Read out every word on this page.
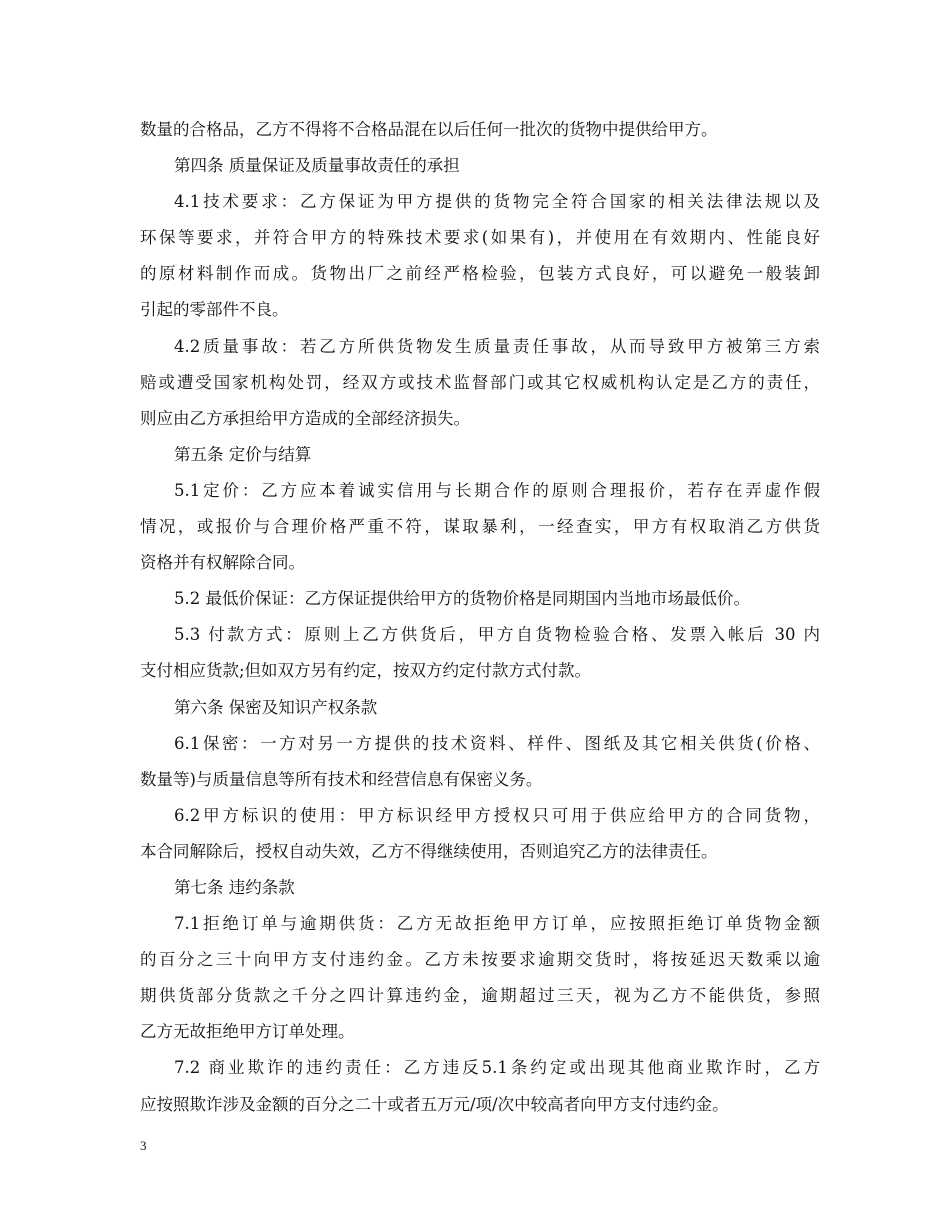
数量的合格品，乙方不得将不合格品混在以后任何一批次的货物中提供给甲方。
第四条 质量保证及质量事故责任的承担
4.1技术要求：乙方保证为甲方提供的货物完全符合国家的相关法律法规以及
环保等要求，并符合甲方的特殊技术要求(如果有)，并使用在有效期内、性能良好
的原材料制作而成。货物出厂之前经严格检验，包装方式良好，可以避免一般装卸
引起的零部件不良。
4.2质量事故：若乙方所供货物发生质量责任事故，从而导致甲方被第三方索
赔或遭受国家机构处罚，经双方或技术监督部门或其它权威机构认定是乙方的责任，
则应由乙方承担给甲方造成的全部经济损失。
第五条 定价与结算
5.1定价：乙方应本着诚实信用与长期合作的原则合理报价，若存在弄虚作假
情况，或报价与合理价格严重不符，谋取暴利，一经查实，甲方有权取消乙方供货
资格并有权解除合同。
5.2 最低价保证：乙方保证提供给甲方的货物价格是同期国内当地市场最低价。
5.3 付款方式：原则上乙方供货后，甲方自货物检验合格、发票入帐后 30 内
支付相应货款;但如双方另有约定，按双方约定付款方式付款。
第六条 保密及知识产权条款
6.1保密：一方对另一方提供的技术资料、样件、图纸及其它相关供货(价格、
数量等)与质量信息等所有技术和经营信息有保密义务。
6.2甲方标识的使用：甲方标识经甲方授权只可用于供应给甲方的合同货物，
本合同解除后，授权自动失效，乙方不得继续使用，否则追究乙方的法律责任。
第七条 违约条款
7.1拒绝订单与逾期供货：乙方无故拒绝甲方订单，应按照拒绝订单货物金额
的百分之三十向甲方支付违约金。乙方未按要求逾期交货时，将按延迟天数乘以逾
期供货部分货款之千分之四计算违约金，逾期超过三天，视为乙方不能供货，参照
乙方无故拒绝甲方订单处理。
7.2 商业欺诈的违约责任：乙方违反5.1条约定或出现其他商业欺诈时，乙方
应按照欺诈涉及金额的百分之二十或者五万元/项/次中较高者向甲方支付违约金。
3
